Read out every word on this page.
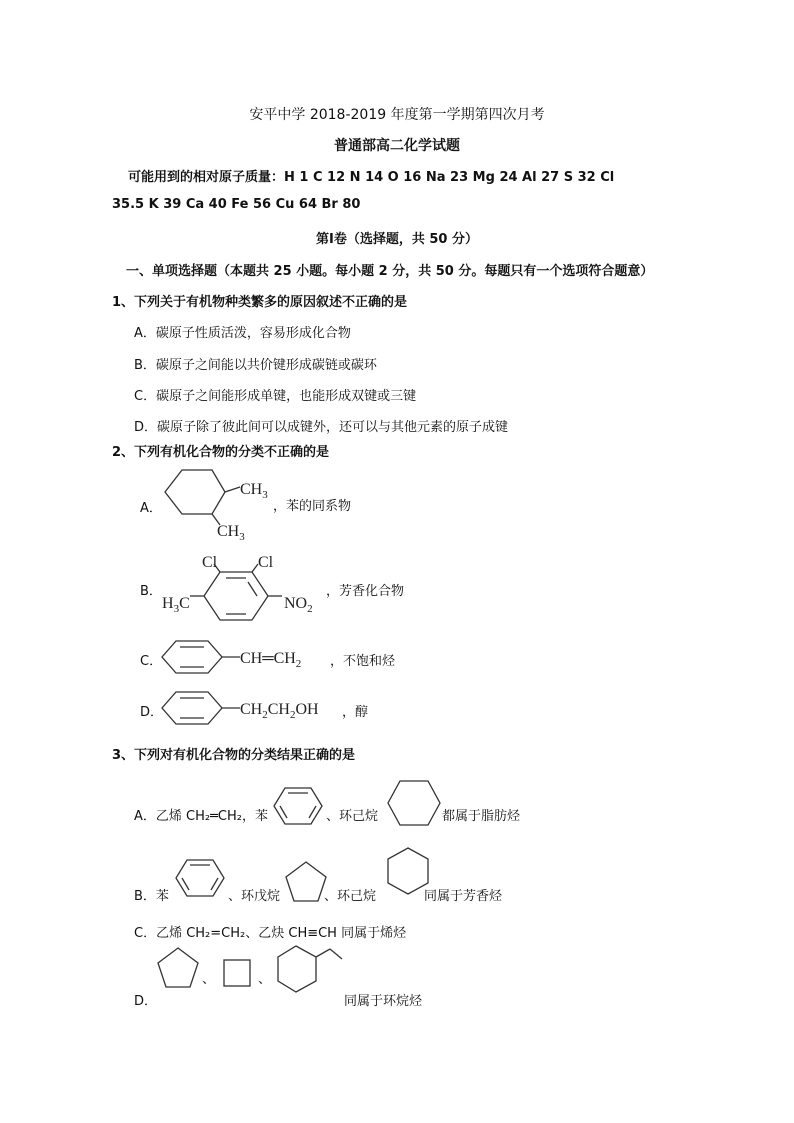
安平中学 2018-2019 年度第一学期第四次月考
普通部高二化学试题
可能用到的相对原子质量：H 1 C 12 N 14 O 16 Na 23 Mg 24 Al 27 S 32 Cl
35.5 K 39 Ca 40 Fe 56 Cu 64 Br 80
第Ⅰ卷（选择题，共 50 分）
一、单项选择题（本题共 25 小题。每小题 2 分，共 50 分。每题只有一个选项符合题意）
1、下列关于有机物种类繁多的原因叙述不正确的是
A．碳原子性质活泼，容易形成化合物
B．碳原子之间能以共价键形成碳链或碳环
C．碳原子之间能形成单键，也能形成双键或三键
D．碳原子除了彼此间可以成键外，还可以与其他元素的原子成键
2、下列有机化合物的分类不正确的是
A．
$CH_3$
$CH_3$
，苯的同系物
B．
Cl	Cl
$H_3C$	$NO_2$
，芳香化合物
C．	$CH═CH_2$ ，不饱和烃
D．	$CH_2CH_2OH$ ，醇
3、下列对有机化合物的分类结果正确的是
A．乙烯 CH₂═CH₂，苯	、环己烷	都属于脂肪烃
B．苯	、环戊烷	、环己烷	同属于芳香烃
C．乙烯 CH₂=CH₂、乙炔 CH≡CH 同属于烯烃
D．
、	、
同属于环烷烃
